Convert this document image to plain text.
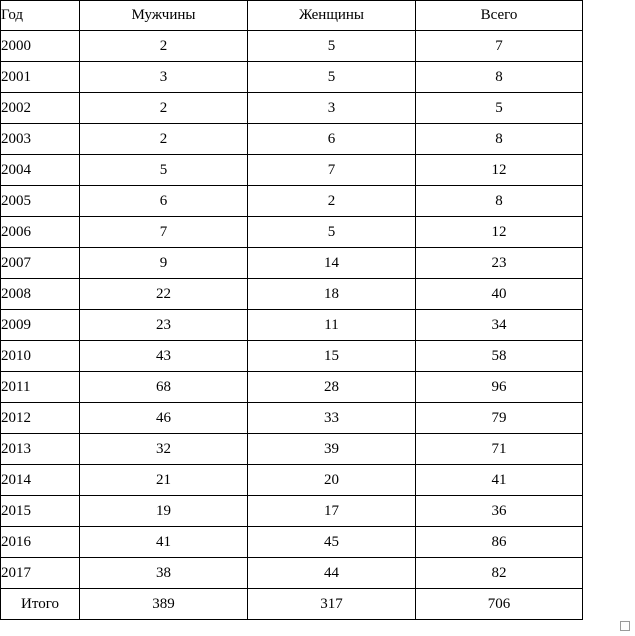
Год	Мужчины	Женщины	Всего
2000	2	5	7
2001	3	5	8
2002	2	3	5
2003	2	6	8
2004	5	7	12
2005	6	2	8
2006	7	5	12
2007	9	14	23
2008	22	18	40
2009	23	11	34
2010	43	15	58
2011	68	28	96
2012	46	33	79
2013	32	39	71
2014	21	20	41
2015	19	17	36
2016	41	45	86
2017	38	44	82
Итого	389	317	706
